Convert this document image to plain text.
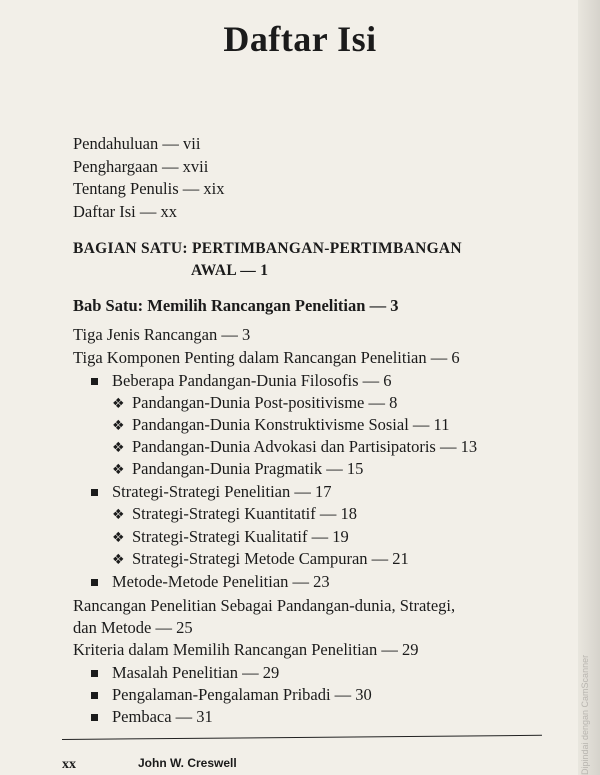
Daftar Isi
Pendahuluan — vii
Penghargaan — xvii
Tentang Penulis — xix
Daftar Isi — xx
BAGIAN SATU: PERTIMBANGAN-PERTIMBANGAN
AWAL — 1
Bab Satu: Memilih Rancangan Penelitian — 3
Tiga Jenis Rancangan — 3
Tiga Komponen Penting dalam Rancangan Penelitian — 6
Beberapa Pandangan-Dunia Filosofis — 6
❖ Pandangan-Dunia Post-positivisme — 8
❖ Pandangan-Dunia Konstruktivisme Sosial — 11
❖ Pandangan-Dunia Advokasi dan Partisipatoris — 13
❖ Pandangan-Dunia Pragmatik — 15
Strategi-Strategi Penelitian — 17
❖ Strategi-Strategi Kuantitatif — 18
❖ Strategi-Strategi Kualitatif — 19
❖ Strategi-Strategi Metode Campuran — 21
Metode-Metode Penelitian — 23
Rancangan Penelitian Sebagai Pandangan-dunia, Strategi,
dan Metode — 25
Kriteria dalam Memilih Rancangan Penelitian — 29
Masalah Penelitian — 29
Pengalaman-Pengalaman Pribadi — 30
Pembaca — 31
xx	John W. Creswell	Dipindai dengan CamScanner
